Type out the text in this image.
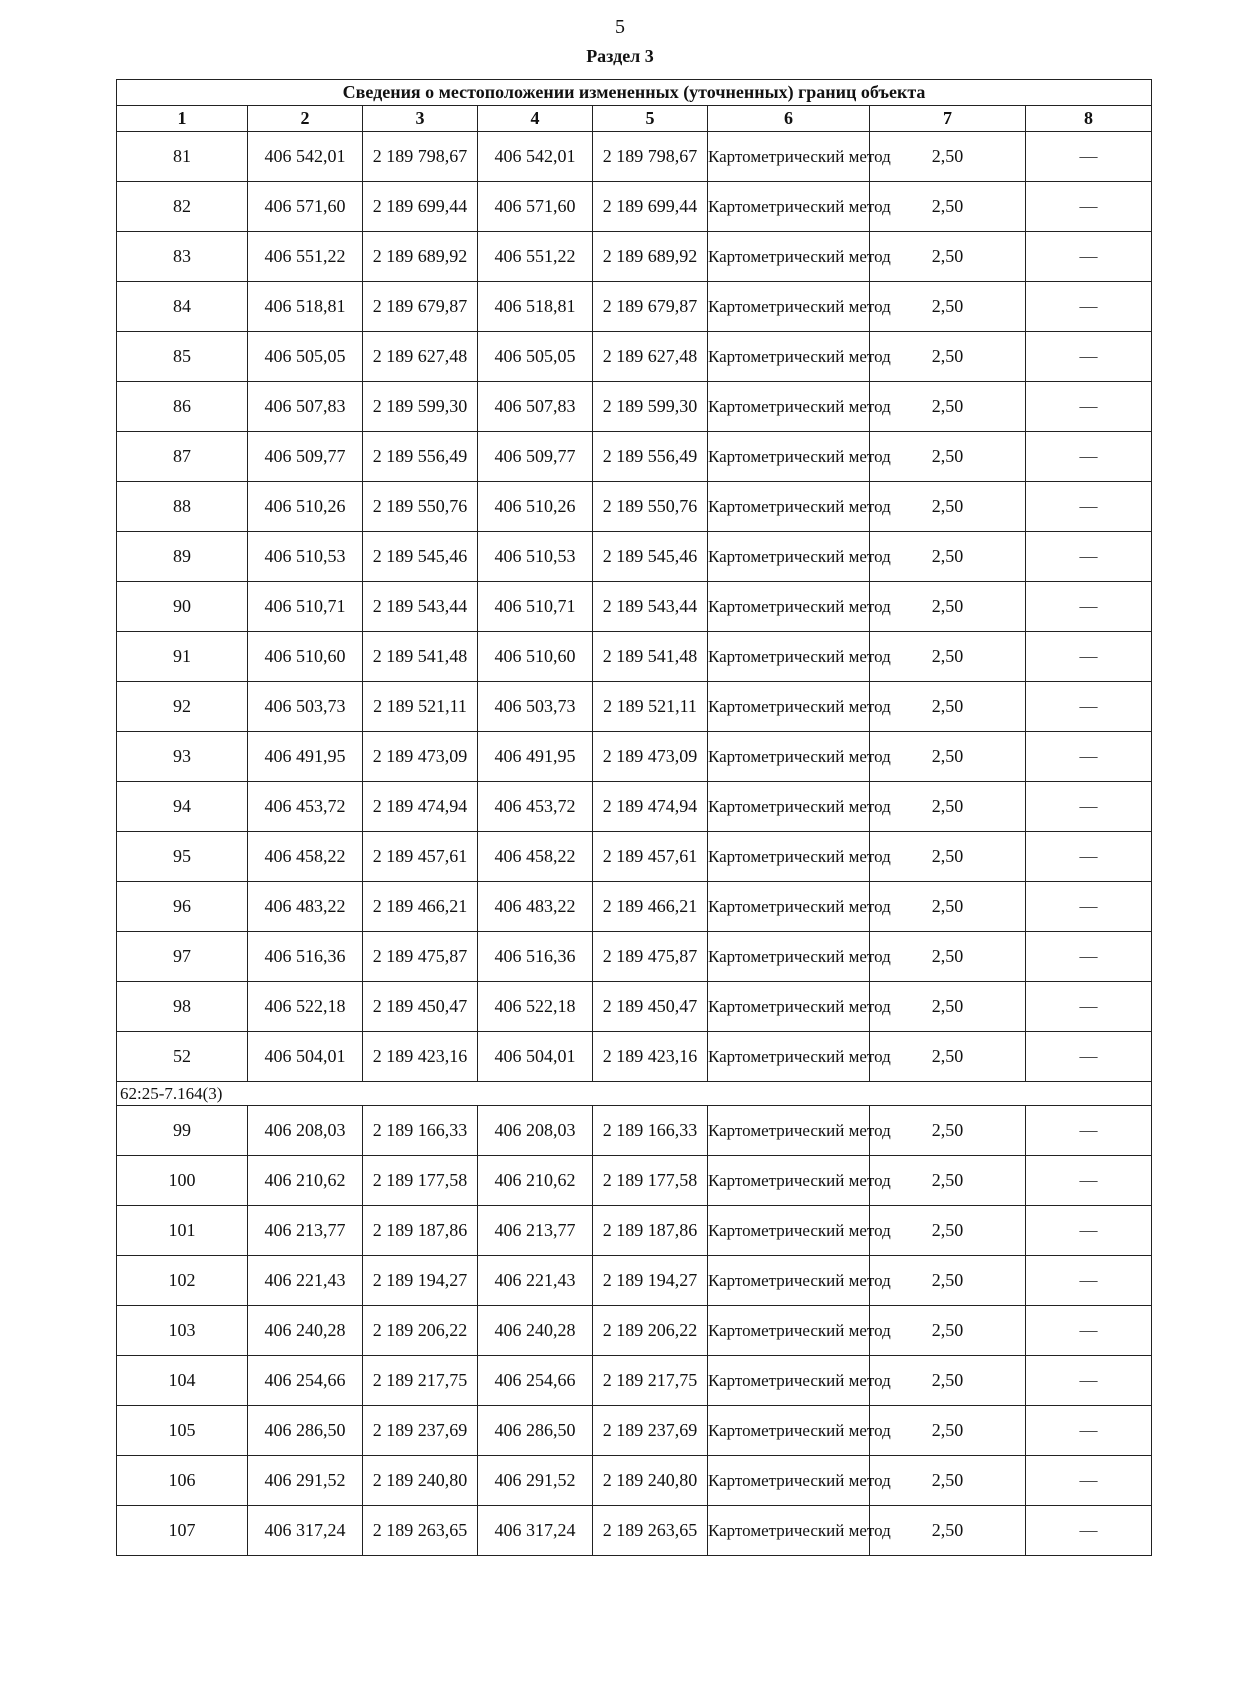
5
Раздел 3
Сведения о местоположении измененных (уточненных) границ объекта							
1	2	3	4	5	6	7	8
81	406 542,01	2 189 798,67	406 542,01	2 189 798,67	Картометрический метод	2,50	—
82	406 571,60	2 189 699,44	406 571,60	2 189 699,44	Картометрический метод	2,50	—
83	406 551,22	2 189 689,92	406 551,22	2 189 689,92	Картометрический метод	2,50	—
84	406 518,81	2 189 679,87	406 518,81	2 189 679,87	Картометрический метод	2,50	—
85	406 505,05	2 189 627,48	406 505,05	2 189 627,48	Картометрический метод	2,50	—
86	406 507,83	2 189 599,30	406 507,83	2 189 599,30	Картометрический метод	2,50	—
87	406 509,77	2 189 556,49	406 509,77	2 189 556,49	Картометрический метод	2,50	—
88	406 510,26	2 189 550,76	406 510,26	2 189 550,76	Картометрический метод	2,50	—
89	406 510,53	2 189 545,46	406 510,53	2 189 545,46	Картометрический метод	2,50	—
90	406 510,71	2 189 543,44	406 510,71	2 189 543,44	Картометрический метод	2,50	—
91	406 510,60	2 189 541,48	406 510,60	2 189 541,48	Картометрический метод	2,50	—
92	406 503,73	2 189 521,11	406 503,73	2 189 521,11	Картометрический метод	2,50	—
93	406 491,95	2 189 473,09	406 491,95	2 189 473,09	Картометрический метод	2,50	—
94	406 453,72	2 189 474,94	406 453,72	2 189 474,94	Картометрический метод	2,50	—
95	406 458,22	2 189 457,61	406 458,22	2 189 457,61	Картометрический метод	2,50	—
96	406 483,22	2 189 466,21	406 483,22	2 189 466,21	Картометрический метод	2,50	—
97	406 516,36	2 189 475,87	406 516,36	2 189 475,87	Картометрический метод	2,50	—
98	406 522,18	2 189 450,47	406 522,18	2 189 450,47	Картометрический метод	2,50	—
52	406 504,01	2 189 423,16	406 504,01	2 189 423,16	Картометрический метод	2,50	—
62:25-7.164(3)							
99	406 208,03	2 189 166,33	406 208,03	2 189 166,33	Картометрический метод	2,50	—
100	406 210,62	2 189 177,58	406 210,62	2 189 177,58	Картометрический метод	2,50	—
101	406 213,77	2 189 187,86	406 213,77	2 189 187,86	Картометрический метод	2,50	—
102	406 221,43	2 189 194,27	406 221,43	2 189 194,27	Картометрический метод	2,50	—
103	406 240,28	2 189 206,22	406 240,28	2 189 206,22	Картометрический метод	2,50	—
104	406 254,66	2 189 217,75	406 254,66	2 189 217,75	Картометрический метод	2,50	—
105	406 286,50	2 189 237,69	406 286,50	2 189 237,69	Картометрический метод	2,50	—
106	406 291,52	2 189 240,80	406 291,52	2 189 240,80	Картометрический метод	2,50	—
107	406 317,24	2 189 263,65	406 317,24	2 189 263,65	Картометрический метод	2,50	—
